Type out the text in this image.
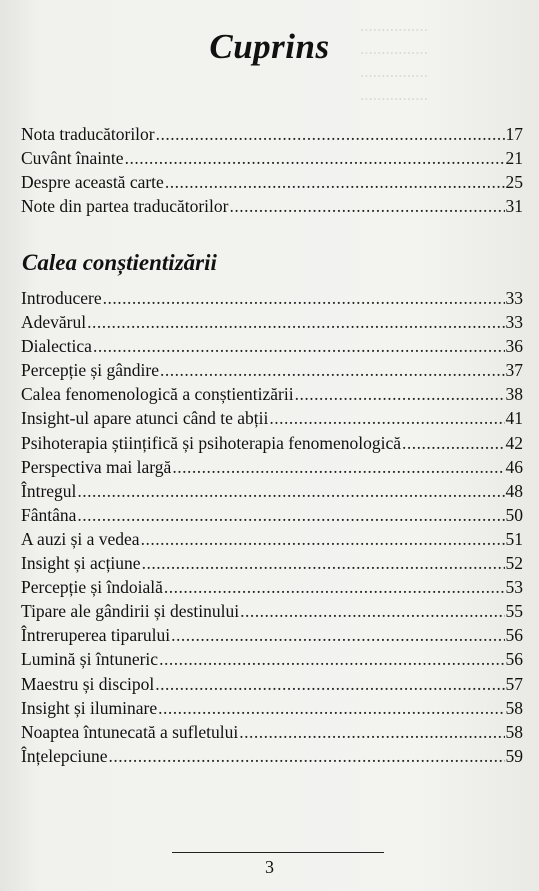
................
................
................
................

Cuprins
Nota traducătorilor .....	17
Cuvânt înainte .....	21
Despre această carte .....	25
Note din partea traducătorilor .....	31
Calea conștientizării
Introducere .....	33
Adevărul .....	33
Dialectica .....	36
Percepție și gândire .....	37
Calea fenomenologică a conștientizării .....	38
Insight-ul apare atunci când te abții .....	41
Psihoterapia științifică și psihoterapia fenomenologică .....	42
Perspectiva mai largă .....	46
Întregul .....	48
Fântâna .....	50
A auzi și a vedea .....	51
Insight și acțiune .....	52
Percepție și îndoială .....	53
Tipare ale gândirii și destinului .....	55
Întreruperea tiparului .....	56
Lumină și întuneric .....	56
Maestru și discipol .....	57
Insight și iluminare .....	58
Noaptea întunecată a sufletului .....	58
Înțelepciune .....	59
3
